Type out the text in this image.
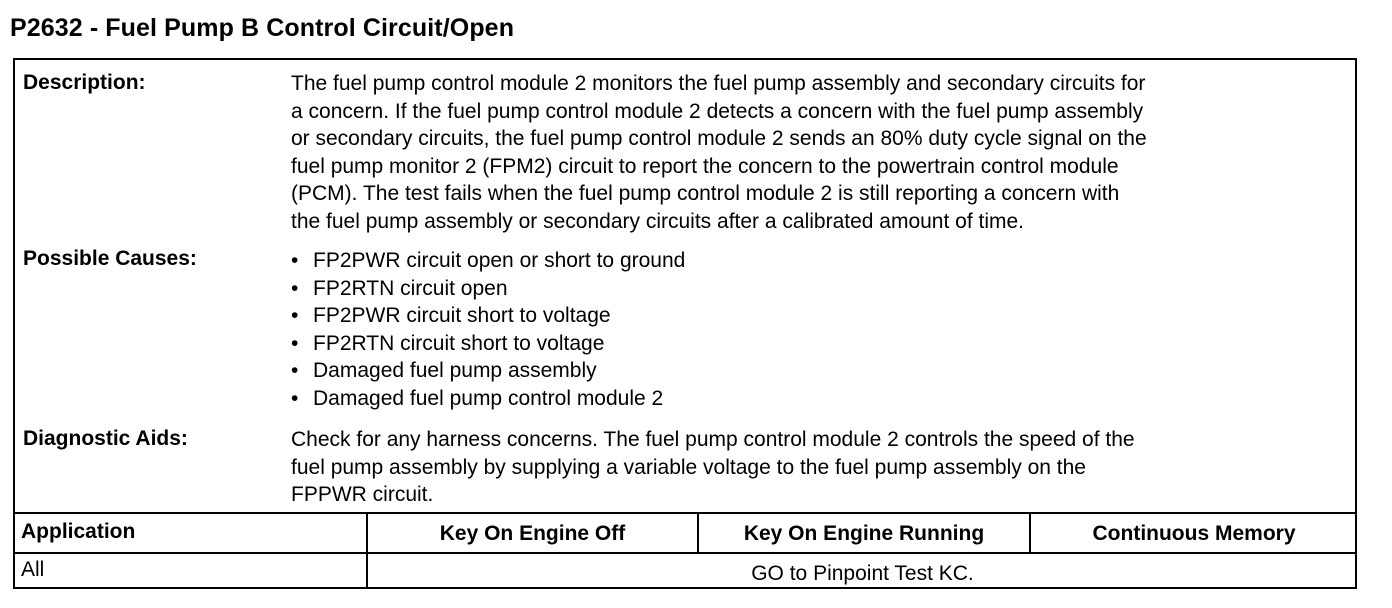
P2632 - Fuel Pump B Control Circuit/Open
Description:	The fuel pump control module 2 monitors the fuel pump assembly and secondary circuits for
a concern. If the fuel pump control module 2 detects a concern with the fuel pump assembly
or secondary circuits, the fuel pump control module 2 sends an 80% duty cycle signal on the
fuel pump monitor 2 (FPM2) circuit to report the concern to the powertrain control module
(PCM). The test fails when the fuel pump control module 2 is still reporting a concern with
the fuel pump assembly or secondary circuits after a calibrated amount of time.
Possible Causes:	• FP2PWR circuit open or short to ground
• FP2RTN circuit open
• FP2PWR circuit short to voltage
• FP2RTN circuit short to voltage
• Damaged fuel pump assembly
• Damaged fuel pump control module 2
Diagnostic Aids:	Check for any harness concerns. The fuel pump control module 2 controls the speed of the
fuel pump assembly by supplying a variable voltage to the fuel pump assembly on the
FPPWR circuit.
Application	Key On Engine Off	Key On Engine Running	Continuous Memory
All	GO to Pinpoint Test KC.
